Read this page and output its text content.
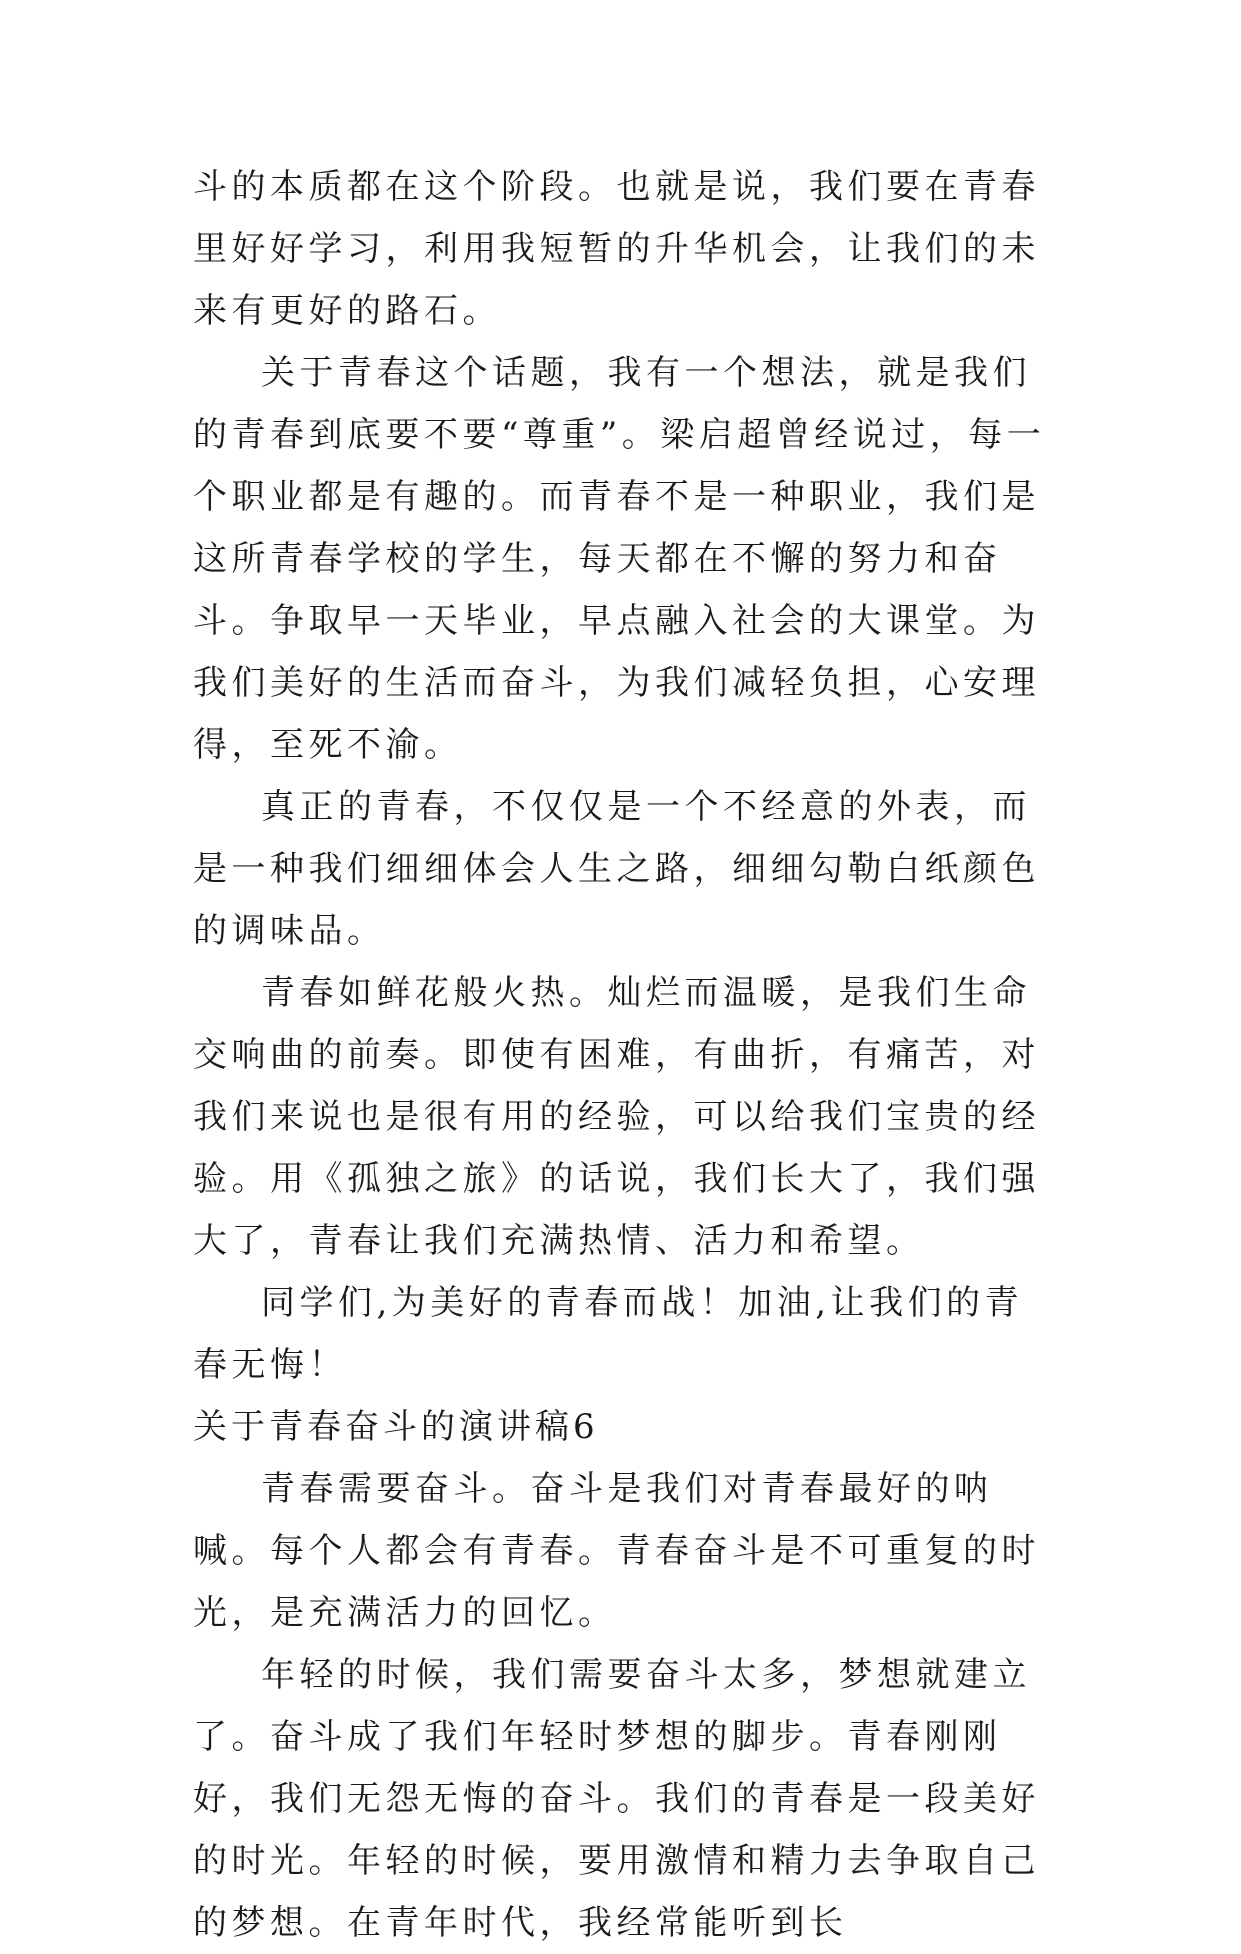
斗的本质都在这个阶段。也就是说，我们要在青春里好好学习，利用我短暂的升华机会，让我们的未来有更好的路石。

关于青春这个话题，我有一个想法，就是我们的青春到底要不要“尊重”。梁启超曾经说过，每一个职业都是有趣的。而青春不是一种职业，我们是这所青春学校的学生，每天都在不懈的努力和奋斗。争取早一天毕业，早点融入社会的大课堂。为我们美好的生活而奋斗，为我们减轻负担，心安理得，至死不渝。

真正的青春，不仅仅是一个不经意的外表，而是一种我们细细体会人生之路，细细勾勒白纸颜色的调味品。

青春如鲜花般火热。灿烂而温暖，是我们生命交响曲的前奏。即使有困难，有曲折，有痛苦，对我们来说也是很有用的经验，可以给我们宝贵的经验。用《孤独之旅》的话说，我们长大了，我们强大了，青春让我们充满热情、活力和希望。

同学们,为美好的青春而战！加油,让我们的青春无悔！

关于青春奋斗的演讲稿6

青春需要奋斗。奋斗是我们对青春最好的呐喊。每个人都会有青春。青春奋斗是不可重复的时光，是充满活力的回忆。

年轻的时候，我们需要奋斗太多，梦想就建立了。奋斗成了我们年轻时梦想的脚步。青春刚刚好，我们无怨无悔的奋斗。我们的青春是一段美好的时光。年轻的时候，要用激情和精力去争取自己的梦想。在青年时代，我经常能听到长
